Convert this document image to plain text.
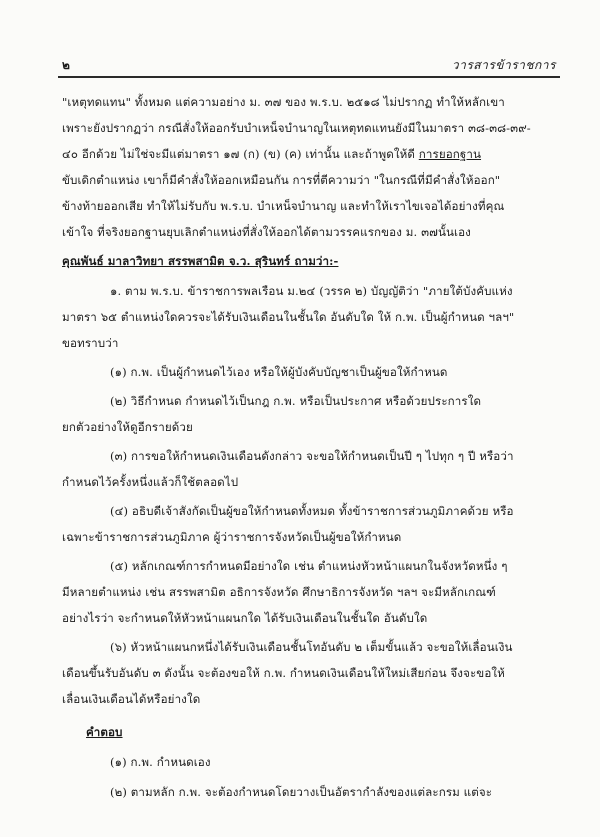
๒	วารสารข้าราชการ
"เหตุทดแทน" ทั้งหมด แต่ความอย่าง ม. ๓๗ ของ พ.ร.บ. ๒๕๑๘ ไม่ปรากฏ ทำให้หลักเขา
เพราะยังปรากฏว่า กรณีสั่งให้ออกรับบำเหน็จบำนาญในเหตุทดแทนยังมีในมาตรา ๓๘-๓๘-๓๙-
๔๐ อีกด้วย ไม่ใช่จะมีแต่มาตรา ๑๗ (ก) (ข) (ค) เท่านั้น และถ้าพูดให้ดี การยอกฐาน
ขับเดิกตำแหน่ง เขาก็มีคำสั่งให้ออกเหมือนกัน การที่ตีความว่า "ในกรณีที่มีคำสั่งให้ออก"
ข้างท้ายออกเสีย ทำให้ไม่รับกับ พ.ร.บ. บำเหน็จบำนาญ และทำให้เราไขเจอได้อย่างที่คุณ
เข้าใจ ที่จริงยอกฐานยุบเลิกตำแหน่งที่สั่งให้ออกได้ตามวรรคแรกของ ม. ๓๗นั้นเอง
คุณพันธ์ มาลาวิทยา สรรพสามิต จ.ว. สุรินทร์ ถามว่า:-
๑. ตาม พ.ร.บ. ข้าราชการพลเรือน ม.๒๔ (วรรค ๒) บัญญัติว่า "ภายใต้บังคับแห่ง
มาตรา ๖๕ ตำแหน่งใดควรจะได้รับเงินเดือนในชั้นใด อันดับใด ให้ ก.พ. เป็นผู้กำหนด ฯลฯ"
ขอทราบว่า
(๑) ก.พ. เป็นผู้กำหนดไว้เอง หรือให้ผู้บังคับบัญชาเป็นผู้ขอให้กำหนด
(๒) วิธีกำหนด กำหนดไว้เป็นกฎ ก.พ. หรือเป็นประกาศ หรือด้วยประการใด
ยกตัวอย่างให้ดูอีกรายด้วย
(๓) การขอให้กำหนดเงินเดือนดังกล่าว จะขอให้กำหนดเป็นปี ๆ ไปทุก ๆ ปี หรือว่า
กำหนดไว้ครั้งหนึ่งแล้วก็ใช้ตลอดไป
(๔) อธิบดีเจ้าสังกัดเป็นผู้ขอให้กำหนดทั้งหมด ทั้งข้าราชการส่วนภูมิภาคด้วย หรือ
เฉพาะข้าราชการส่วนภูมิภาค ผู้ว่าราชการจังหวัดเป็นผู้ขอให้กำหนด
(๕) หลักเกณฑ์การกำหนดมีอย่างใด เช่น ตำแหน่งหัวหน้าแผนกในจังหวัดหนึ่ง ๆ
มีหลายตำแหน่ง เช่น สรรพสามิต อธิการจังหวัด ศึกษาธิการจังหวัด ฯลฯ จะมีหลักเกณฑ์
อย่างไรว่า จะกำหนดให้หัวหน้าแผนกใด ได้รับเงินเดือนในชั้นใด อันดับใด
(๖) หัวหน้าแผนกหนึ่งได้รับเงินเดือนชั้นโทอันดับ ๒ เต็มขั้นแล้ว จะขอให้เลื่อนเงิน
เดือนขึ้นรับอันดับ ๓ ดังนั้น จะต้องขอให้ ก.พ. กำหนดเงินเดือนให้ใหม่เสียก่อน จึงจะขอให้
เลื่อนเงินเดือนได้หรือย่างใด
คำตอบ
(๑) ก.พ. กำหนดเอง
(๒) ตามหลัก ก.พ. จะต้องกำหนดโดยวางเป็นอัตรากำลังของแต่ละกรม แต่จะ
